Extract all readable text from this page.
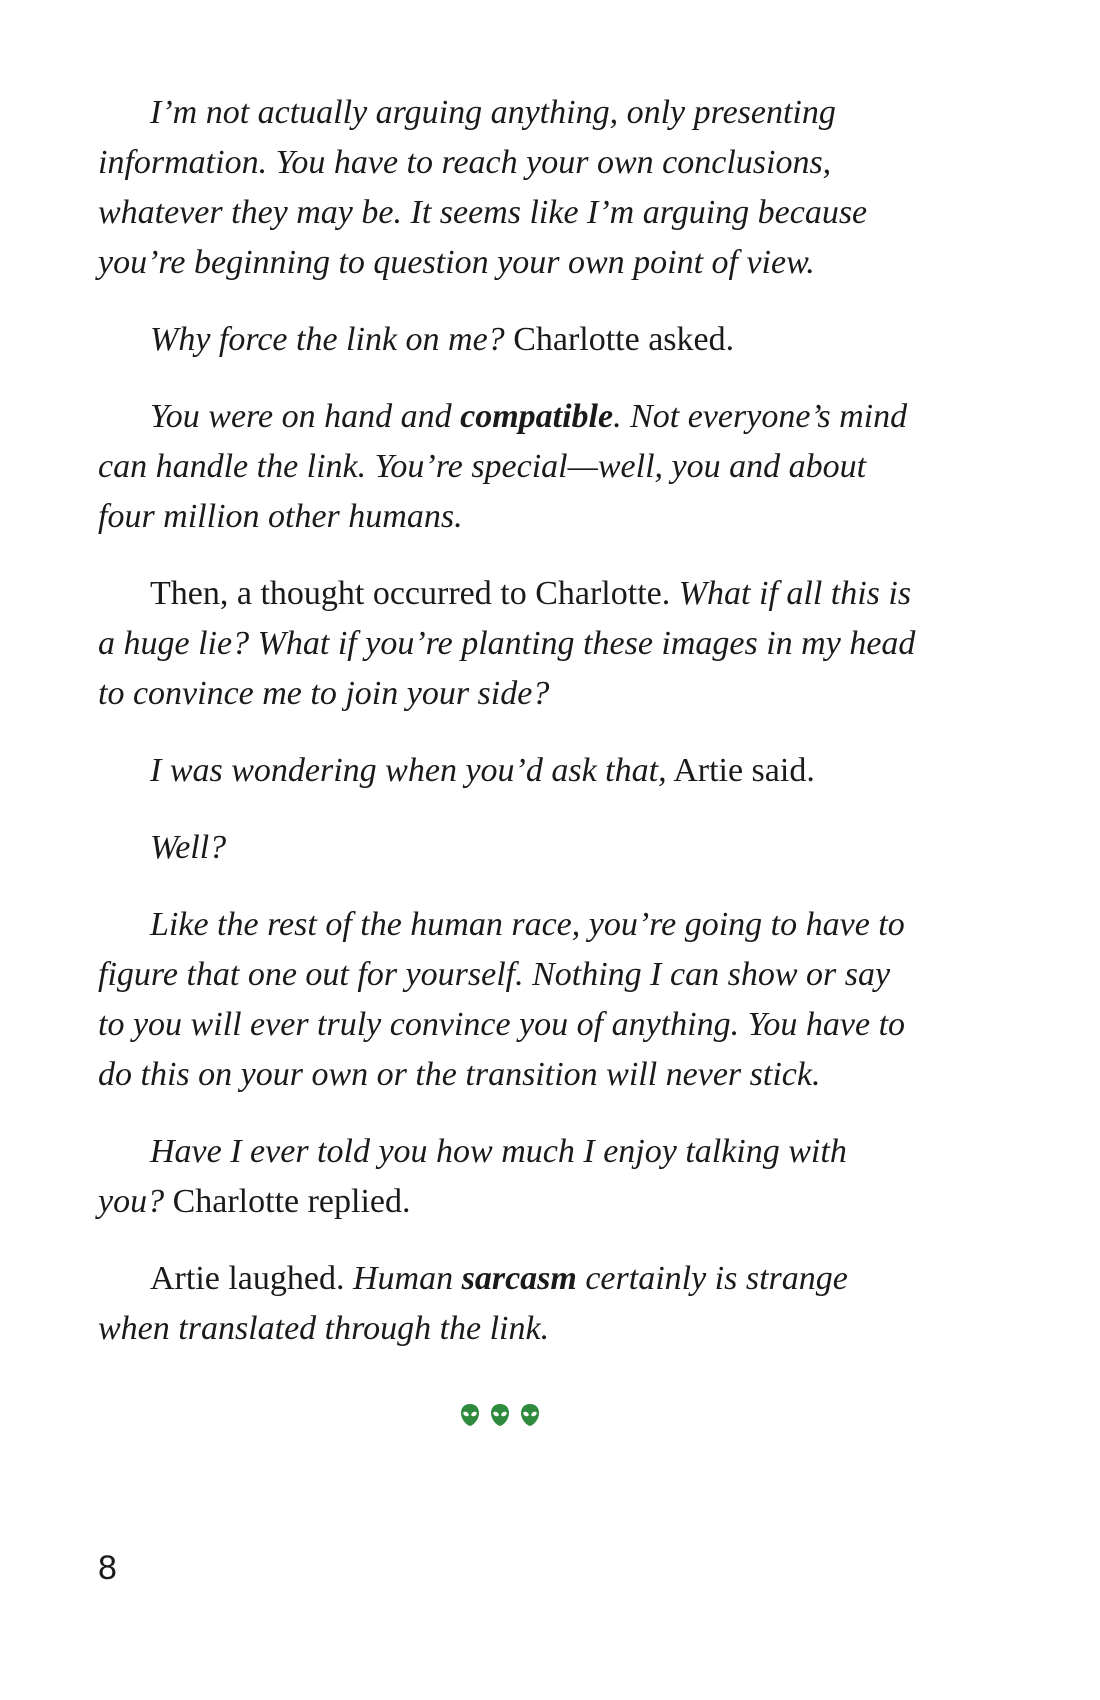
I’m not actually arguing anything, only presenting information. You have to reach your own conclusions, whatever they may be. It seems like I’m arguing because you’re beginning to question your own point of view.

Why force the link on me? Charlotte asked.

You were on hand and compatible. Not everyone’s mind can handle the link. You’re special—well, you and about four million other humans.

Then, a thought occurred to Charlotte. What if all this is a huge lie? What if you’re planting these images in my head to convince me to join your side?

I was wondering when you’d ask that, Artie said.

Well?

Like the rest of the human race, you’re going to have to figure that one out for yourself. Nothing I can show or say to you will ever truly convince you of anything. You have to do this on your own or the transition will never stick.

Have I ever told you how much I enjoy talking with you? Charlotte replied.

Artie laughed. Human sarcasm certainly is strange when translated through the link.

8
